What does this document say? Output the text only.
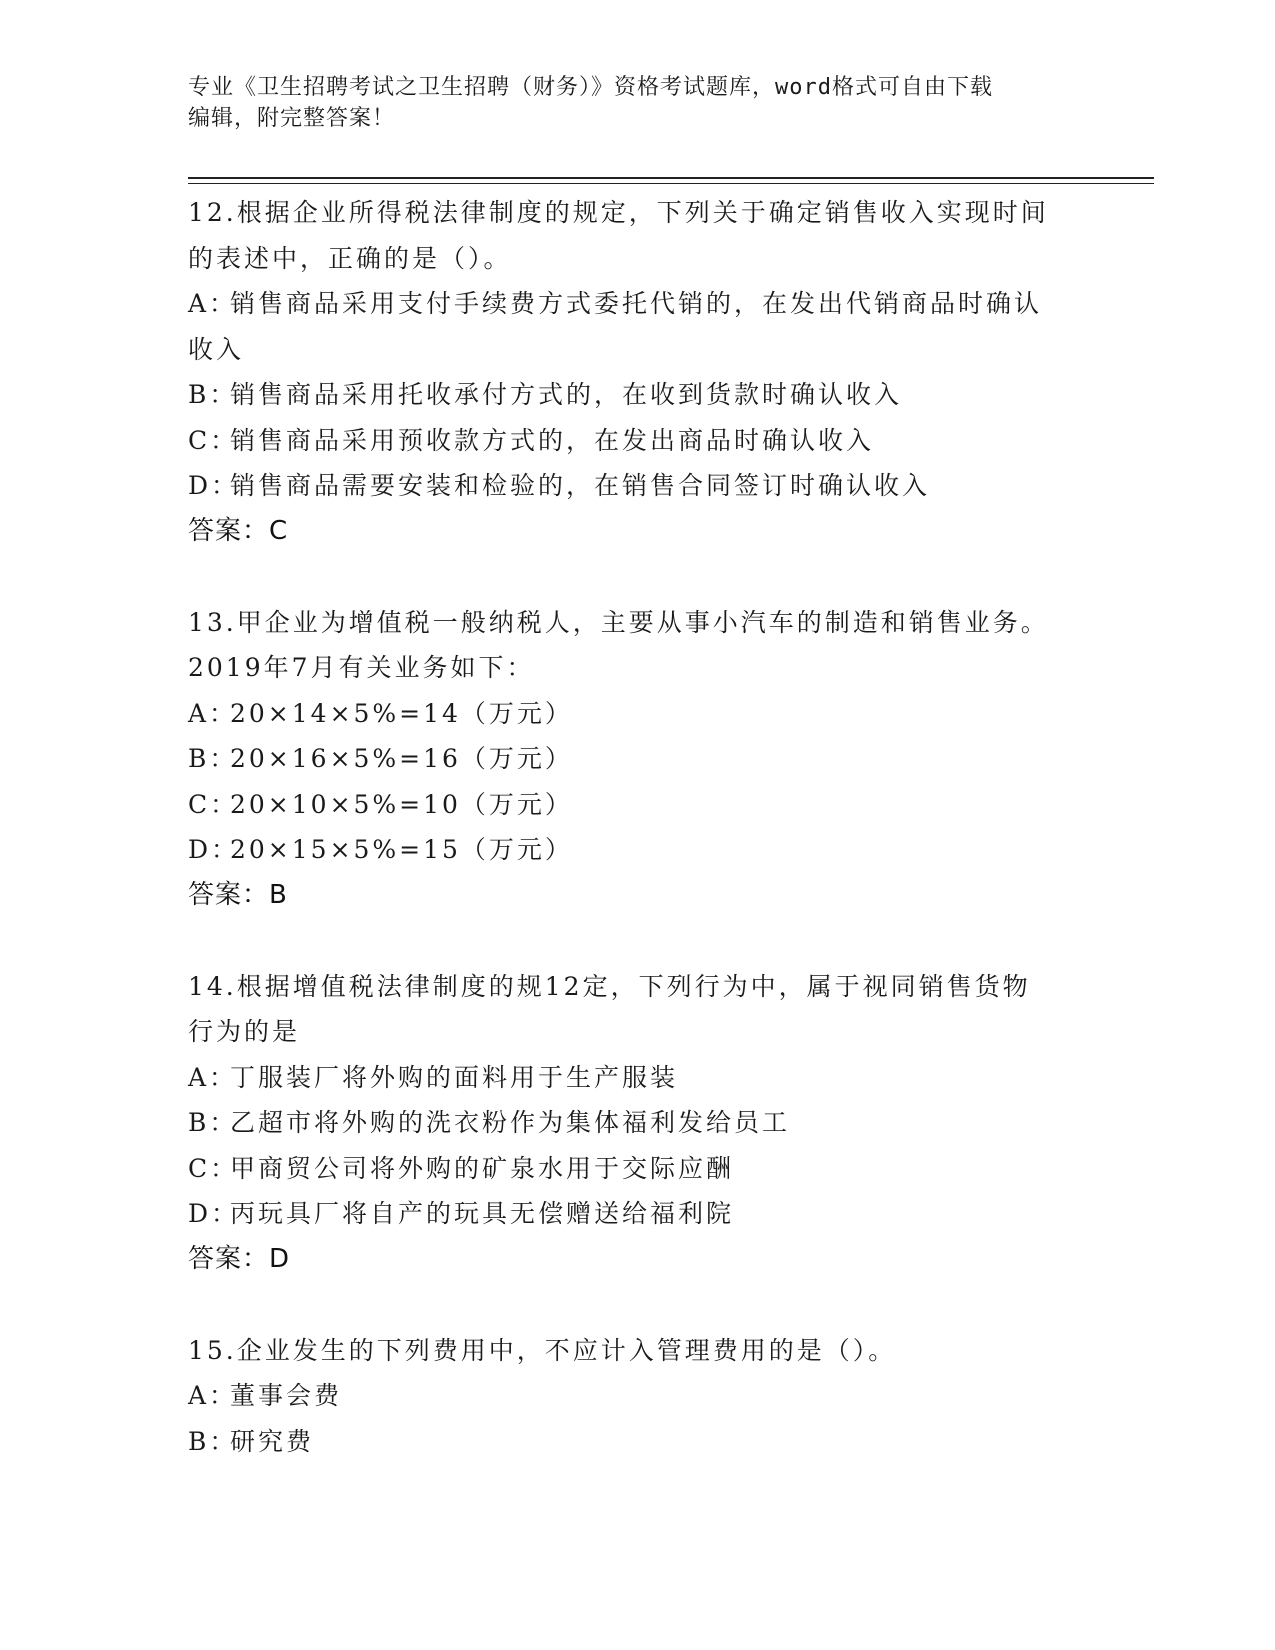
专业《卫生招聘考试之卫生招聘（财务）》资格考试题库，word格式可自由下载
编辑，附完整答案！
12.根据企业所得税法律制度的规定，下列关于确定销售收入实现时间
的表述中，正确的是（）。
A：
销售商品采用支付手续费方式委托代销的，在发出代销商品时确认
收入
B：
销售商品采用托收承付方式的，在收到货款时确认收入
C：
销售商品采用预收款方式的，在发出商品时确认收入
D：
销售商品需要安装和检验的，在销售合同签订时确认收入
答案：C
13.甲企业为增值税一般纳税人，主要从事小汽车的制造和销售业务。
2019年7月有关业务如下：
A：
20×14×5%=14（万元）
B：
20×16×5%=16（万元）
C：
20×10×5%=10（万元）
D：
20×15×5%=15（万元）
答案：B
14.根据增值税法律制度的规12定，下列行为中，属于视同销售货物
行为的是
A：
丁服装厂将外购的面料用于生产服装
B：
乙超市将外购的洗衣粉作为集体福利发给员工
C：
甲商贸公司将外购的矿泉水用于交际应酬
D：
丙玩具厂将自产的玩具无偿赠送给福利院
答案：D
15.企业发生的下列费用中，不应计入管理费用的是（）。
A：
董事会费
B：
研究费
